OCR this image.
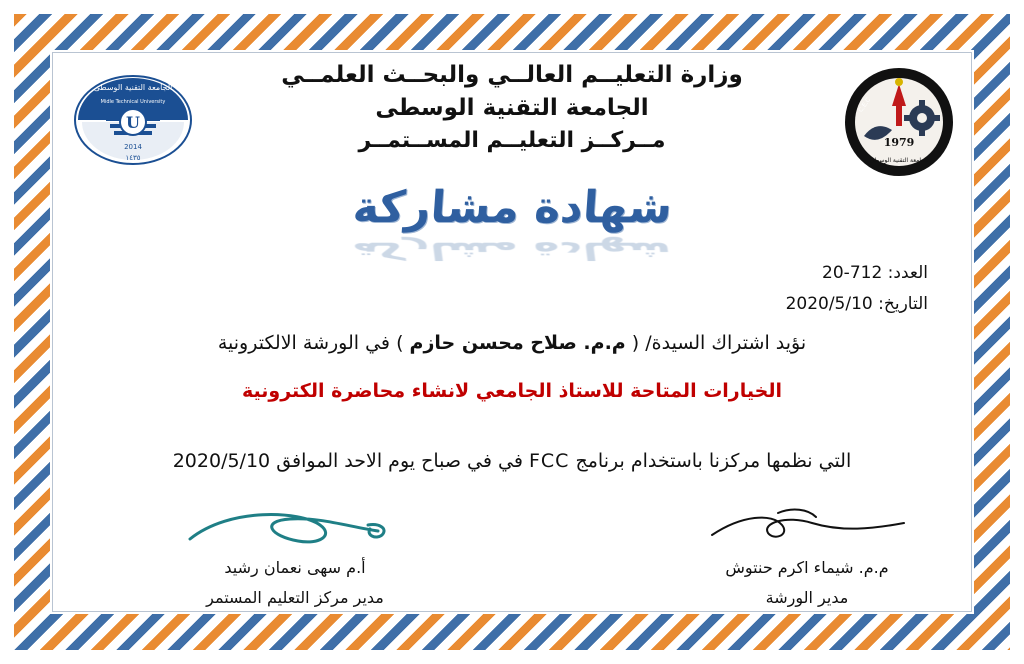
الجامعة التقنية الوسطى
Midle Technical University
U
2014
١٤٣٥
1979
الجامعة التقنية الوسطى
C.E.C
وزارة التعليــم العالــي والبحــث العلمــي
الجامعة التقنية الوسطى
مــركــز التعليــم المســتمــر
شهادة مشاركة
شهادة مشاركة
العدد: 712-20
التاريخ: 2020/5/10
نؤيد اشتراك السيدة/ ( م.م. صلاح محسن حازم ) في الورشة الالكترونية
الخيارات المتاحة للاستاذ الجامعي لانشاء محاضرة الكترونية
التي نظمها مركزنا باستخدام برنامج FCC في في صباح يوم الاحد الموافق 2020/5/10
أ.م سهى نعمان رشيد
مدير مركز التعليم المستمر
م.م. شيماء اكرم حنتوش
مدير الورشة
